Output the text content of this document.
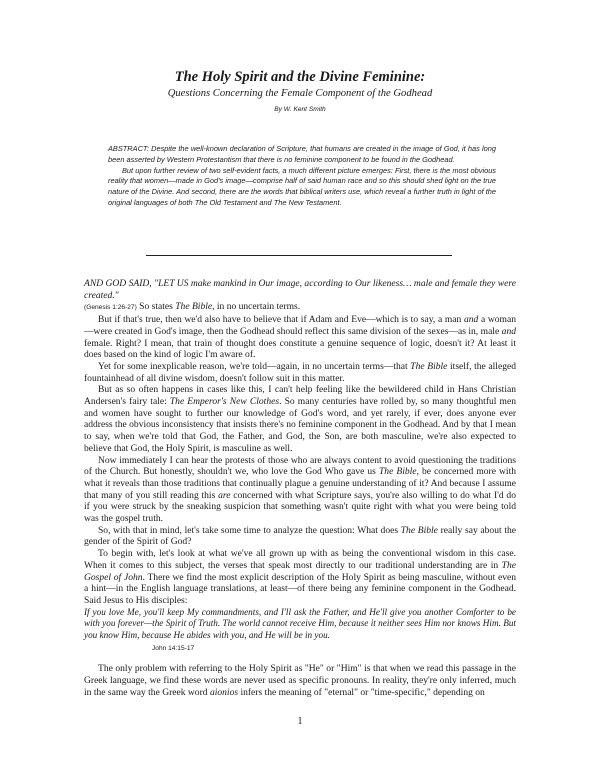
The Holy Spirit and the Divine Feminine:
Questions Concerning the Female Component of the Godhead
By W. Kent Smith

ABSTRACT: Despite the well-known declaration of Scripture, that humans are created in the image of God, it has long been asserted by Western Protestantism that there is no feminine component to be found in the Godhead.

But upon further review of two self-evident facts, a much different picture emerges: First, there is the most obvious reality that women—made in God's image—comprise half of said human race and so this should shed light on the true nature of the Divine. And second, there are the words that biblical writers use, which reveal a further truth in light of the original languages of both The Old Testament and The New Testament.

AND GOD SAID, "LET US make mankind in Our image, according to Our likeness… male and female they were created."
(Genesis 1:26-27) So states The Bible, in no uncertain terms.

But if that's true, then we'd also have to believe that if Adam and Eve—which is to say, a man and a woman—were created in God's image, then the Godhead should reflect this same division of the sexes—as in, male and female. Right? I mean, that train of thought does constitute a genuine sequence of logic, doesn't it? At least it does based on the kind of logic I'm aware of.

Yet for some inexplicable reason, we're told—again, in no uncertain terms—that The Bible itself, the alleged fountainhead of all divine wisdom, doesn't follow suit in this matter.

But as so often happens in cases like this, I can't help feeling like the bewildered child in Hans Christian Andersen's fairy tale: The Emperor's New Clothes. So many centuries have rolled by, so many thoughtful men and women have sought to further our knowledge of God's word, and yet rarely, if ever, does anyone ever address the obvious inconsistency that insists there's no feminine component in the Godhead. And by that I mean to say, when we're told that God, the Father, and God, the Son, are both masculine, we're also expected to believe that God, the Holy Spirit, is masculine as well.

Now immediately I can hear the protests of those who are always content to avoid questioning the traditions of the Church. But honestly, shouldn't we, who love the God Who gave us The Bible, be concerned more with what it reveals than those traditions that continually plague a genuine understanding of it? And because I assume that many of you still reading this are concerned with what Scripture says, you're also willing to do what I'd do if you were struck by the sneaking suspicion that something wasn't quite right with what you were being told was the gospel truth.

So, with that in mind, let's take some time to analyze the question: What does The Bible really say about the gender of the Spirit of God?

To begin with, let's look at what we've all grown up with as being the conventional wisdom in this case. When it comes to this subject, the verses that speak most directly to our traditional understanding are in The Gospel of John. There we find the most explicit description of the Holy Spirit as being masculine, without even a hint—in the English language translations, at least—of there being any feminine component in the Godhead. Said Jesus to His disciples:

If you love Me, you'll keep My commandments, and I'll ask the Father, and He'll give you another Comforter to be with you forever—the Spirit of Truth. The world cannot receive Him, because it neither sees Him nor knows Him. But you know Him, because He abides with you, and He will be in you.

John 14:15-17

The only problem with referring to the Holy Spirit as "He" or "Him" is that when we read this passage in the Greek language, we find these words are never used as specific pronouns. In reality, they're only inferred, much in the same way the Greek word aionios infers the meaning of "eternal" or "time-specific," depending on

1
